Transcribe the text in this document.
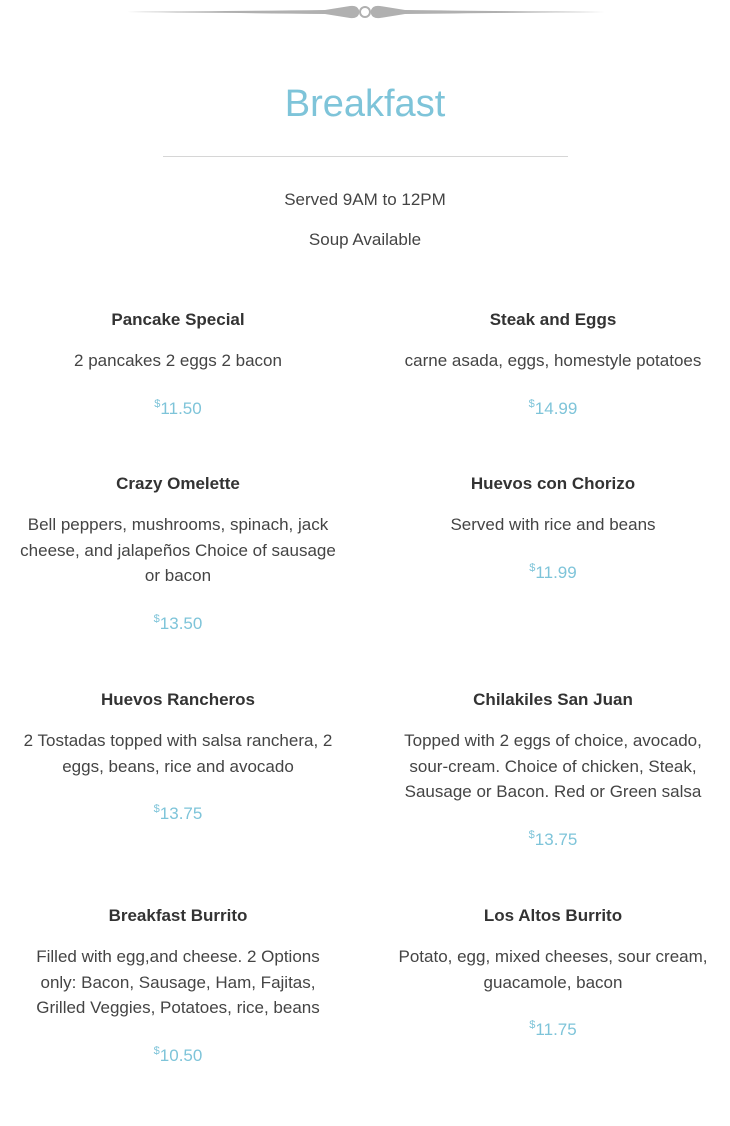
Breakfast
Served 9AM to 12PM
Soup Available
Pancake Special
2 pancakes 2 eggs 2 bacon
$11.50
Steak and Eggs
carne asada, eggs, homestyle potatoes
$14.99
Crazy Omelette
Bell peppers, mushrooms, spinach, jack cheese, and jalapeños Choice of sausage or bacon
$13.50
Huevos con Chorizo
Served with rice and beans
$11.99
Huevos Rancheros
2 Tostadas topped with salsa ranchera, 2 eggs, beans, rice and avocado
$13.75
Chilakiles San Juan
Topped with 2 eggs of choice, avocado, sour-cream. Choice of chicken, Steak, Sausage or Bacon. Red or Green salsa
$13.75
Breakfast Burrito
Filled with egg,and cheese. 2 Options only: Bacon, Sausage, Ham, Fajitas, Grilled Veggies, Potatoes, rice, beans
$10.50
Los Altos Burrito
Potato, egg, mixed cheeses, sour cream, guacamole, bacon
$11.75
